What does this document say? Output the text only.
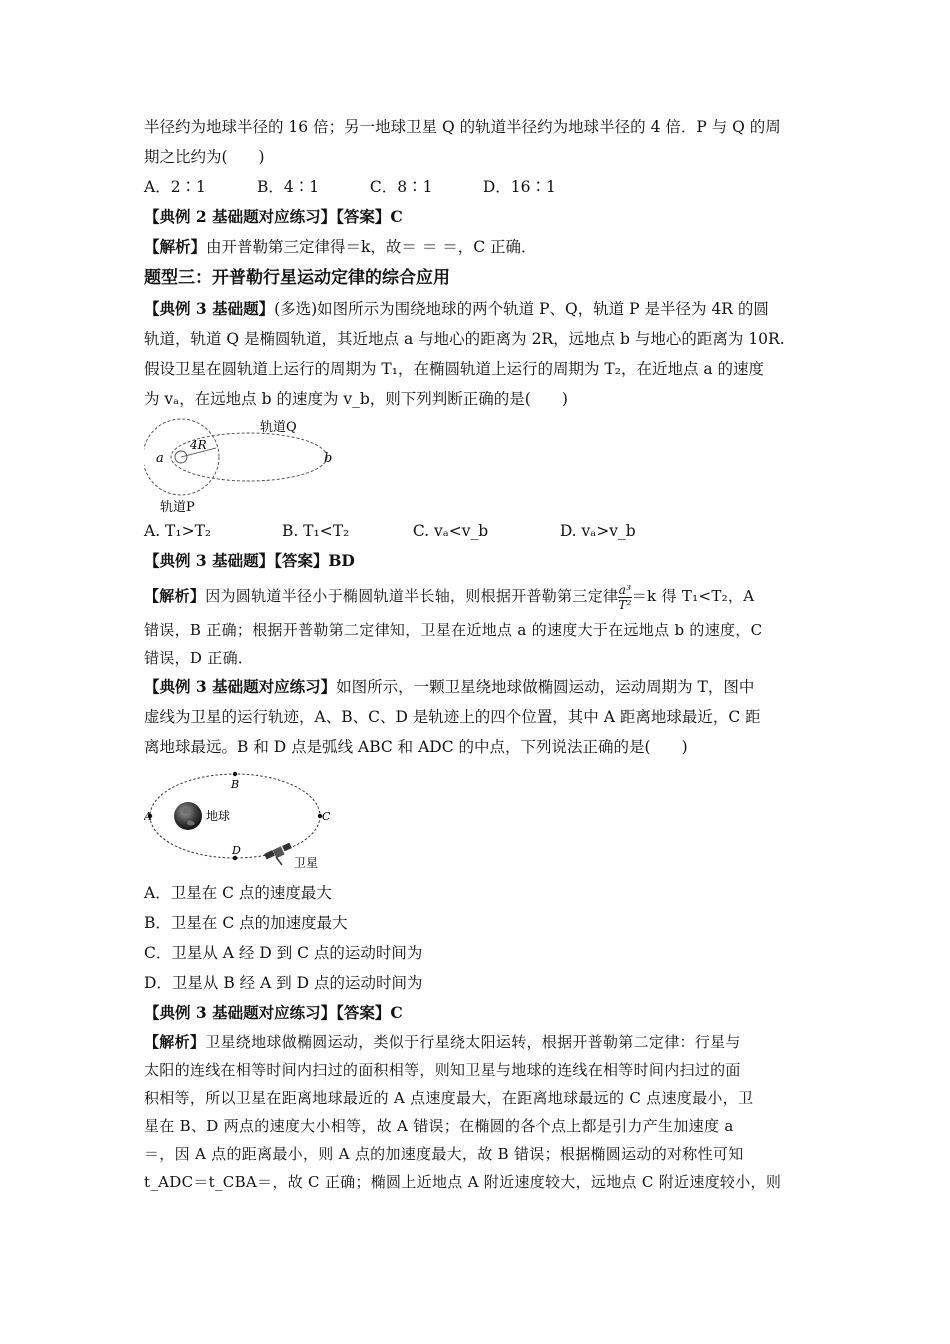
半径约为地球半径的 16 倍；另一地球卫星 Q 的轨道半径约为地球半径的 4 倍．P 与 Q 的周
期之比约为(　　)
A．2∶1	B．4∶1	C．8∶1	D．16∶1
【典例 2 基础题对应练习】【答案】C
【解析】由开普勒第三定律得＝k，故＝ ＝ ＝，C 正确．
题型三：开普勒行星运动定律的综合应用
【典例 3 基础题】(多选)如图所示为围绕地球的两个轨道 P、Q，轨道 P 是半径为 4R 的圆
轨道，轨道 Q 是椭圆轨道，其近地点 a 与地心的距离为 2R，远地点 b 与地心的距离为 10R.
假设卫星在圆轨道上运行的周期为 T₁，在椭圆轨道上运行的周期为 T₂，在近地点 a 的速度
为 vₐ，在远地点 b 的速度为 v_b，则下列判断正确的是(　　)
4R
a	b
轨道Q
轨道P
A. T₁>T₂	B. T₁<T₂	C. vₐ<v_b	D. vₐ>v_b
【典例 3 基础题】【答案】BD
【解析】因为圆轨道半径小于椭圆轨道半长轴，则根据开普勒第三定律 $\frac{\text{a³}}{\text{T²}} =k$ 得 T₁<T₂，A
错误，B 正确；根据开普勒第二定律知，卫星在近地点 a 的速度大于在远地点 b 的速度，C
错误，D 正确．
【典例 3 基础题对应练习】如图所示，一颗卫星绕地球做椭圆运动，运动周期为 T，图中
虚线为卫星的运行轨迹，A、B、C、D 是轨迹上的四个位置，其中 A 距离地球最近，C 距
离地球最远。B 和 D 点是弧线 ABC 和 ADC 的中点，下列说法正确的是(　　)
A
B
C
D
地球
卫星
A．卫星在 C 点的速度最大
B．卫星在 C 点的加速度最大
C．卫星从 A 经 D 到 C 点的运动时间为
D．卫星从 B 经 A 到 D 点的运动时间为
【典例 3 基础题对应练习】【答案】C
【解析】卫星绕地球做椭圆运动，类似于行星绕太阳运转，根据开普勒第二定律：行星与
太阳的连线在相等时间内扫过的面积相等，则知卫星与地球的连线在相等时间内扫过的面
积相等，所以卫星在距离地球最近的 A 点速度最大，在距离地球最远的 C 点速度最小，卫
星在 B、D 两点的速度大小相等，故 A 错误；在椭圆的各个点上都是引力产生加速度 a
＝，因 A 点的距离最小，则 A 点的加速度最大，故 B 错误；根据椭圆运动的对称性可知
t_ADC＝t_CBA＝，故 C 正确；椭圆上近地点 A 附近速度较大，远地点 C 附近速度较小，则
